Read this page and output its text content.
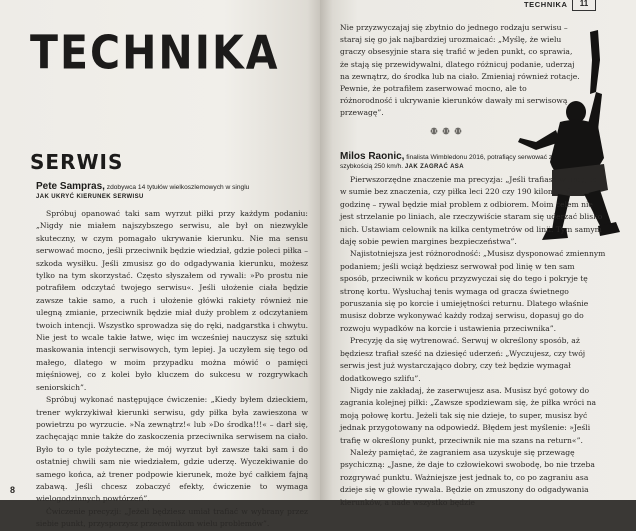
TECHNIKA
SERWIS
Pete Sampras, zdobywca 14 tytułów wielkoszlemowych w singlu
JAK UKRYĆ KIERUNEK SERWISU

Spróbuj opanować taki sam wyrzut piłki przy każdym podaniu: „Nigdy nie miałem najszybszego serwisu, ale był on niezwykle skuteczny, w czym pomagało ukrywanie kierunku. Nie ma sensu serwować mocno, jeśli przeciwnik będzie wiedział, gdzie poleci piłka – szkoda wysiłku. Jeśli zmusisz go do odgadywania kierunku, możesz tylko na tym skorzystać. Często słyszałem od rywali: »Po prostu nie potrafiłem odczytać twojego serwisu«. Jeśli ułożenie ciała będzie zawsze takie samo, a ruch i ułożenie główki rakiety również nie ulegną zmianie, przeciwnik będzie miał duży problem z odczytaniem twoich intencji. Wszystko sprowadza się do ręki, nadgarstka i chwytu. Nie jest to wcale takie łatwe, więc im wcześniej nauczysz się sztuki maskowania intencji serwisowych, tym lepiej. Ja uczyłem się tego od małego, dlatego w moim przypadku można mówić o pamięci mięśniowej, co z kolei było kluczem do sukcesu w rozgrywkach seniorskich”.

Spróbuj wykonać następujące ćwiczenie: „Kiedy byłem dzieckiem, trener wykrzykiwał kierunki serwisu, gdy piłka była zawieszona w powietrzu po wyrzucie. »Na zewnątrz!« lub »Do środka!!!« – darł się, zachęcając mnie także do zaskoczenia przeciwnika serwisem na ciało. Było to o tyle pożyteczne, że mój wyrzut był zawsze taki sam i do ostatniej chwili sam nie wiedziałem, gdzie uderzę. Wyczekiwanie do samego końca, aż trener podpowie kierunek, może być całkiem fajną zabawą. Jeśli chcesz zobaczyć efekty, ćwiczenie to wymaga wielogodzinnych powtórzeń”.

Ćwiczenie precyzji: „Jeżeli będziesz umiał trafiać w wybrany przez siebie punkt, przysporzysz przeciwnikom wielu problemów”.

8
TECHNIKA	11

Nie przyzwyczajaj się zbytnio do jednego rodzaju serwisu – staraj się go jak najbardziej urozmaicać: „Myślę, że wielu graczy obsesyjnie stara się trafić w jeden punkt, co sprawia, że stają się przewidywalni, dlatego różnicuj podanie, uderzaj na zewnątrz, do środka lub na ciało. Zmieniaj również rotacje. Pewnie, że potrafiłem zaserwować mocno, ale to różnorodność i ukrywanie kierunków dawały mi serwisową przewagę”.

Milos Raonic, finalista Wimbledonu 2016, potrafiący serwować z szybkością 250 km/h. JAK ZAGRAĆ ASA

Pierwszorzędne znaczenie ma precyzja: „Jeśli trafiasz w linię, to w sumie bez znaczenia, czy piłka leci 220 czy 190 kilometrów na godzinę – rywal będzie miał problem z odbiorem. Moim celem nie jest strzelanie po liniach, ale rzeczywiście staram się uderzać blisko nich. Ustawiam celownik na kilka centymetrów od linii. Tym samym daję sobie pewien margines bezpieczeństwa”.

Najistotniejsza jest różnorodność: „Musisz dysponować zmiennym podaniem; jeśli wciąż będziesz serwował pod linię w ten sam sposób, przeciwnik w końcu przyzwyczai się do tego i pokryje tę stronę kortu. Wysłuchaj tenis wymaga od gracza świetnego poruszania się po korcie i umiejętności returnu. Dlatego właśnie musisz dobrze wykonywać każdy rodzaj serwisu, dopasuj go do rozwoju wypadków na korcie i ustawienia przeciwnika”.

Precyzję da się wytrenować. Serwuj w określony sposób, aż będziesz trafiał sześć na dziesięć uderzeń: „Wyczujesz, czy twój serwis jest już wystarczająco dobry, czy też będzie wymagał dodatkowego szlifu”.

Nigdy nie zakładaj, że zaserwujesz asa. Musisz być gotowy do zagrania kolejnej piłki: „Zawsze spodziewam się, że piłka wróci na moją połowę kortu. Jeżeli tak się nie dzieje, to super, musisz być jednak przygotowany na odpowiedź. Błędem jest myślenie: »Jeśli trafię w określony punkt, przeciwnik nie ma szans na return«”.

Należy pamiętać, że zagraniem asa uzyskuje się przewagę psychiczną: „Jasne, że daje to człowiekowi swobodę, bo nie trzeba rozgrywać punktu. Ważniejsze jest jednak to, co po zagraniu asa dzieje się w głowie rywala. Będzie on zmuszony do odgadywania kierunków, a nade wszystko będzie
